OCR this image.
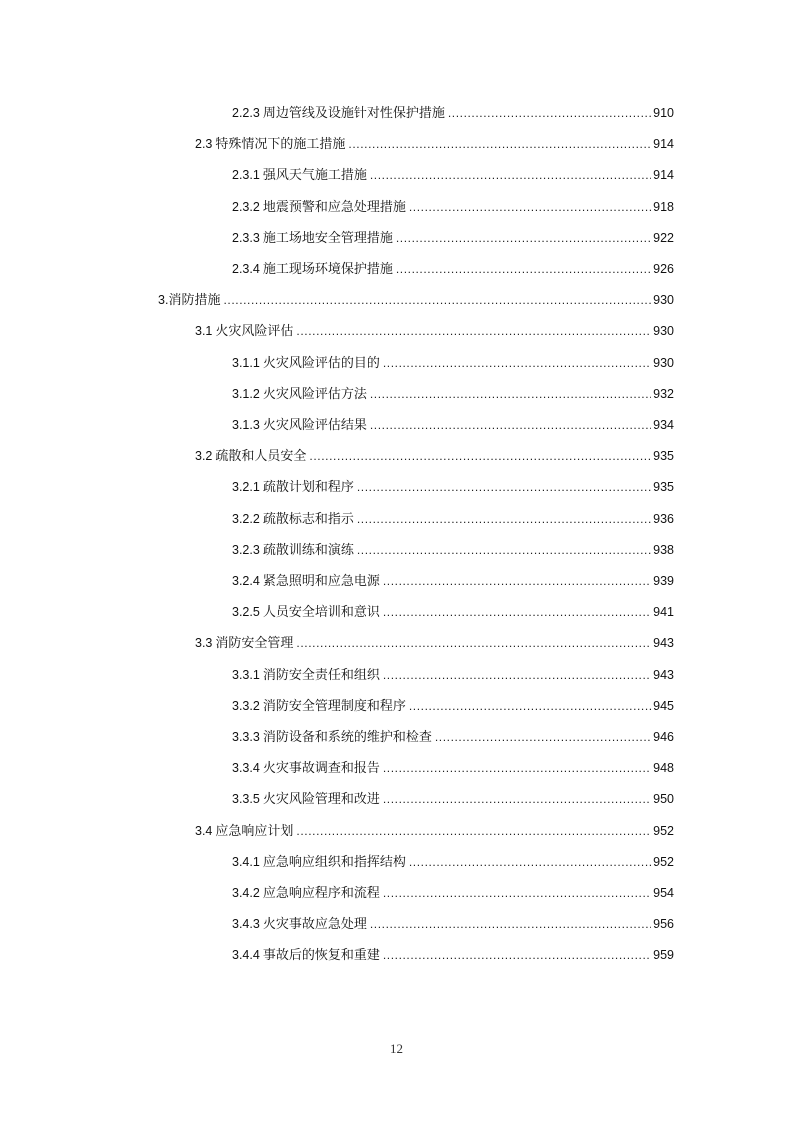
2.2.3 周边管线及设施针对性保护措施 .....	910
2.3 特殊情况下的施工措施 .....	914
2.3.1 强风天气施工措施 .....	914
2.3.2 地震预警和应急处理措施 .....	918
2.3.3 施工场地安全管理措施 .....	922
2.3.4 施工现场环境保护措施 .....	926
3. 消防措施 .....	930
3.1 火灾风险评估 .....	930
3.1.1 火灾风险评估的目的 .....	930
3.1.2 火灾风险评估方法 .....	932
3.1.3 火灾风险评估结果 .....	934
3.2 疏散和人员安全 .....	935
3.2.1 疏散计划和程序 .....	935
3.2.2 疏散标志和指示 .....	936
3.2.3 疏散训练和演练 .....	938
3.2.4 紧急照明和应急电源 .....	939
3.2.5 人员安全培训和意识 .....	941
3.3 消防安全管理 .....	943
3.3.1 消防安全责任和组织 .....	943
3.3.2 消防安全管理制度和程序 .....	945
3.3.3 消防设备和系统的维护和检查 .....	946
3.3.4 火灾事故调查和报告 .....	948
3.3.5 火灾风险管理和改进 .....	950
3.4 应急响应计划 .....	952
3.4.1 应急响应组织和指挥结构 .....	952
3.4.2 应急响应程序和流程 .....	954
3.4.3 火灾事故应急处理 .....	956
3.4.4 事故后的恢复和重建 .....	959
12
